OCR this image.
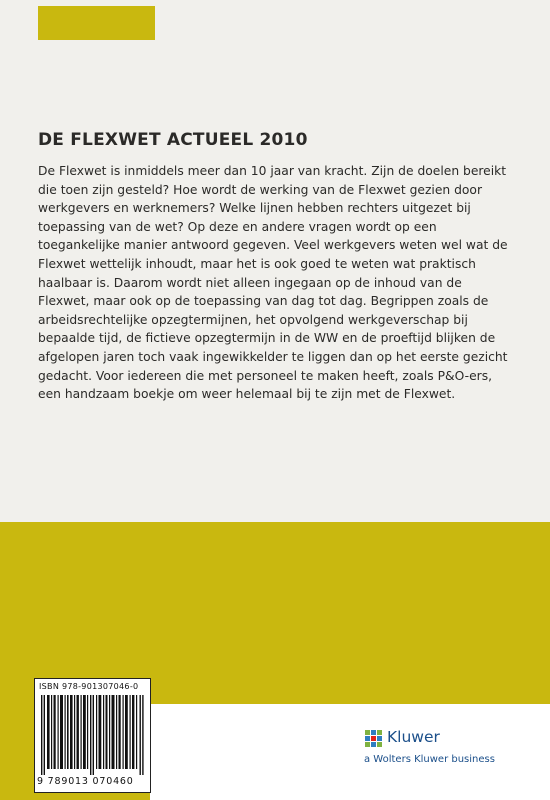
DE FLEXWET ACTUEEL 2010

De Flexwet is inmiddels meer dan 10 jaar van kracht. Zijn de doelen bereikt die toen zijn gesteld? Hoe wordt de werking van de Flexwet gezien door werkgevers en werknemers? Welke lijnen hebben rechters uitgezet bij toepassing van de wet? Op deze en andere vragen wordt op een toegankelijke manier antwoord gegeven. Veel werkgevers weten wel wat de Flexwet wettelijk inhoudt, maar het is ook goed te weten wat praktisch haalbaar is. Daarom wordt niet alleen ingegaan op de inhoud van de Flexwet, maar ook op de toepassing van dag tot dag. Begrippen zoals de arbeidsrechtelijke opzegtermijnen, het opvolgend werkgeverschap bij bepaalde tijd, de fictieve opzegtermijn in de WW en de proeftijd blijken de afgelopen jaren toch vaak ingewikkelder te liggen dan op het eerste gezicht gedacht. Voor iedereen die met personeel te maken heeft, zoals P&O-ers, een handzaam boekje om weer helemaal bij te zijn met de Flexwet.

ISBN 978-901307046-0
9 789013 070460
Kluwer
a Wolters Kluwer business
